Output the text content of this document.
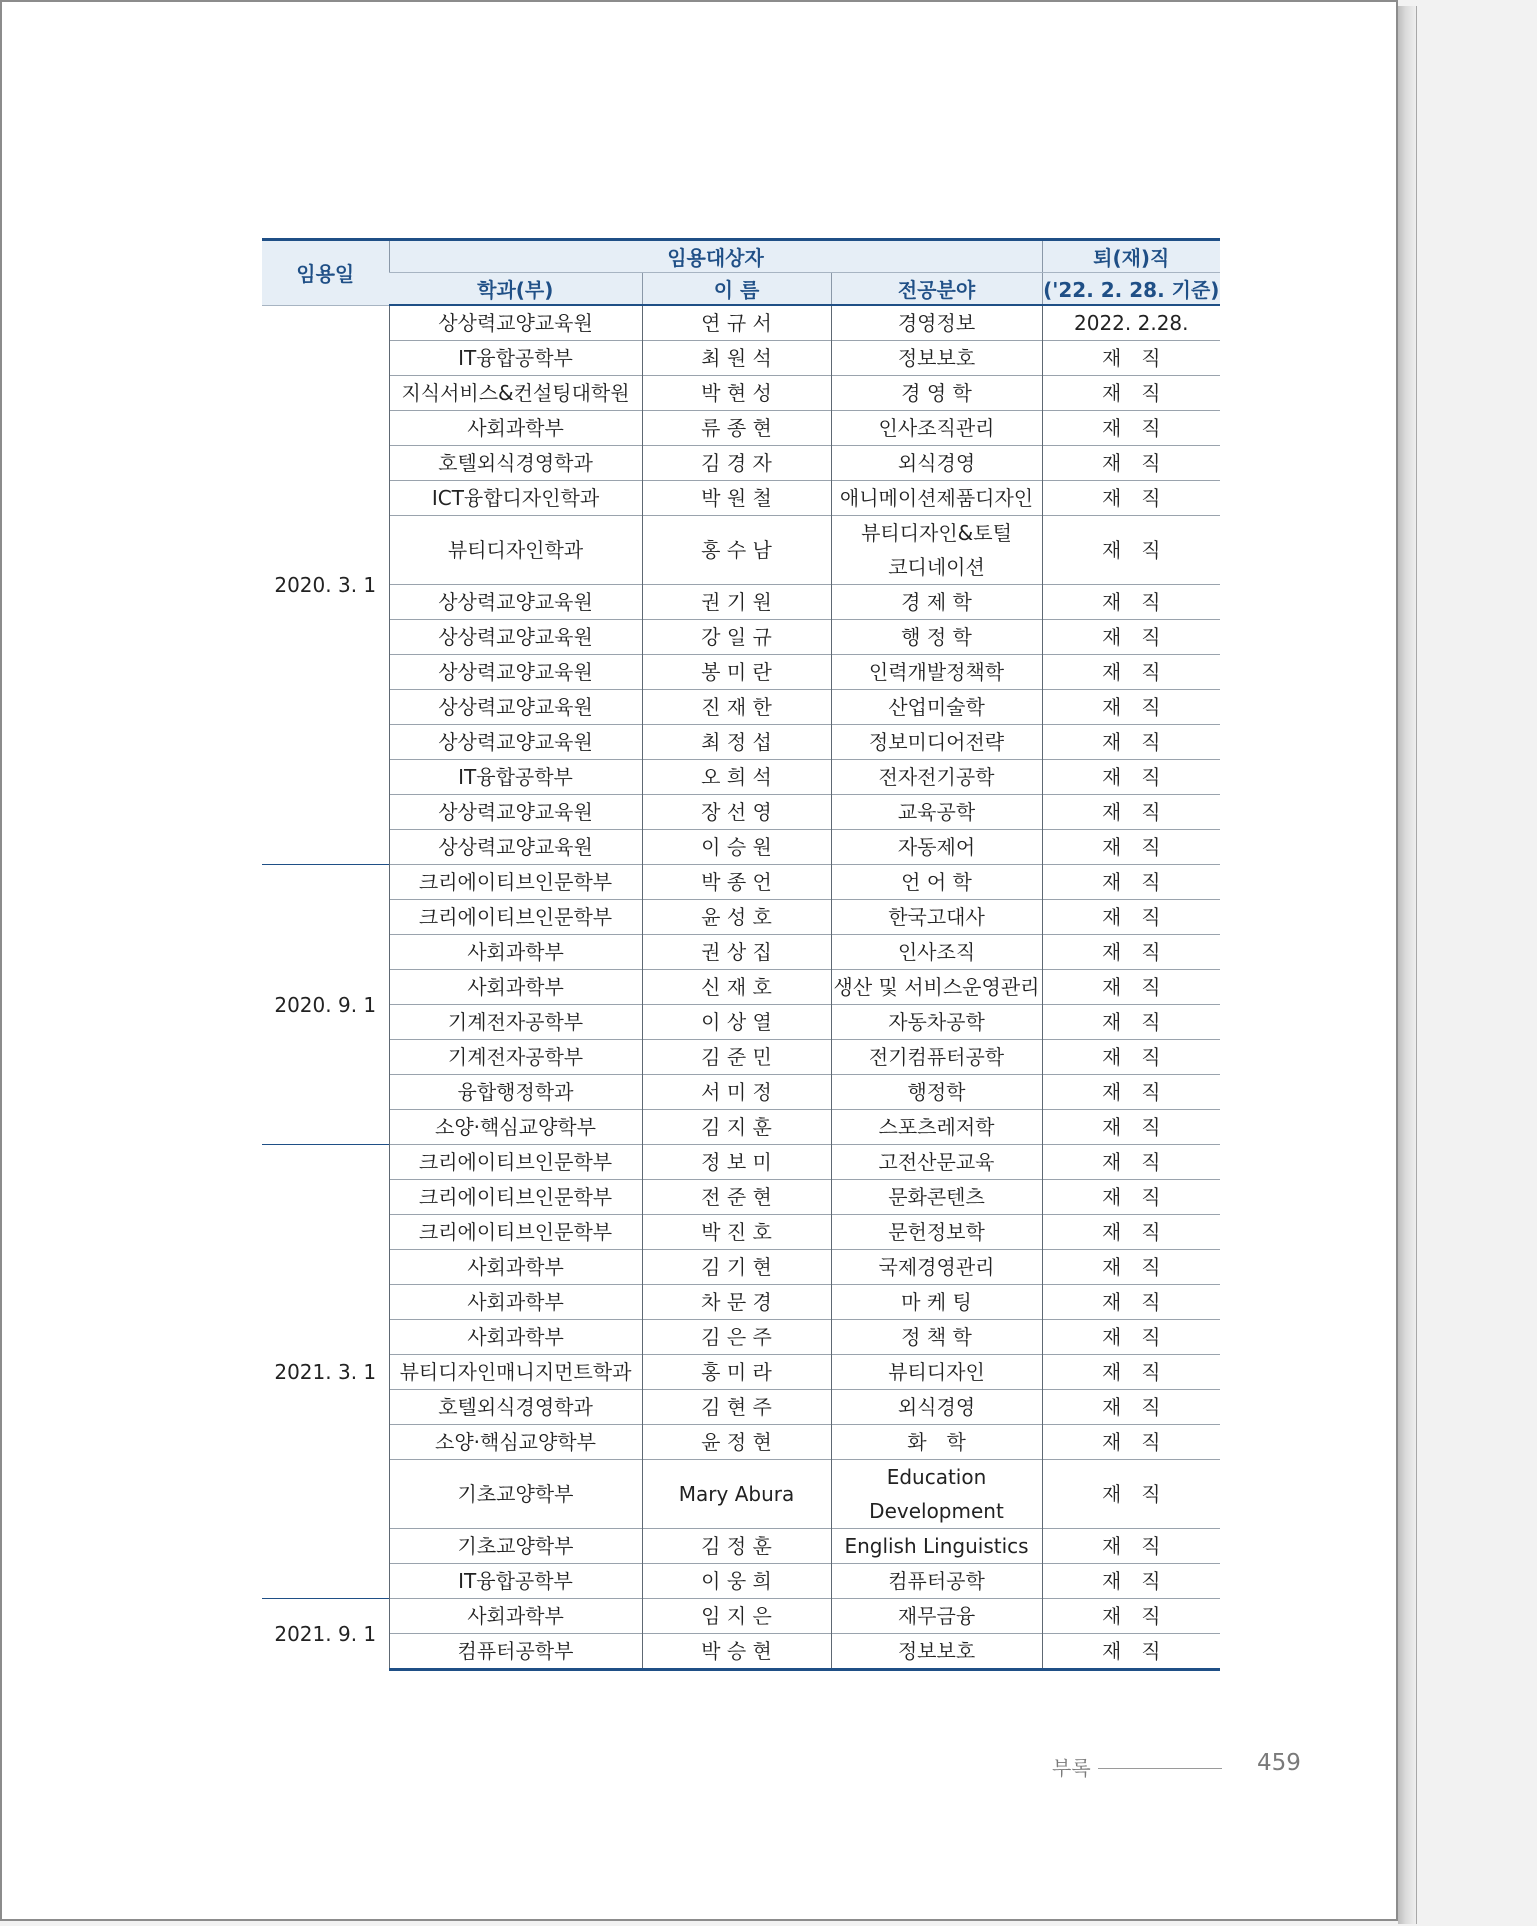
임용일	임용대상자			퇴(재)직
	학과(부)	이 름	전공분야	('22. 2. 28. 기준)
2020. 3. 1	상상력교양교육원	연 규 서	경영정보	2022. 2.28.
	IT융합공학부	최 원 석	정보보호	재　직
	지식서비스&컨설팅대학원	박 현 성	경 영 학	재　직
	사회과학부	류 종 현	인사조직관리	재　직
	호텔외식경영학과	김 경 자	외식경영	재　직
	ICT융합디자인학과	박 원 철	애니메이션제품디자인	재　직
	뷰티디자인학과	홍 수 남	뷰티디자인&토털 코디네이션	재　직
	상상력교양교육원	권 기 원	경 제 학	재　직
	상상력교양교육원	강 일 규	행 정 학	재　직
	상상력교양교육원	봉 미 란	인력개발정책학	재　직
	상상력교양교육원	진 재 한	산업미술학	재　직
	상상력교양교육원	최 정 섭	정보미디어전략	재　직
	IT융합공학부	오 희 석	전자전기공학	재　직
	상상력교양교육원	장 선 영	교육공학	재　직
	상상력교양교육원	이 승 원	자동제어	재　직
2020. 9. 1	크리에이티브인문학부	박 종 언	언 어 학	재　직
	크리에이티브인문학부	윤 성 호	한국고대사	재　직
	사회과학부	권 상 집	인사조직	재　직
	사회과학부	신 재 호	생산 및 서비스운영관리	재　직
	기계전자공학부	이 상 열	자동차공학	재　직
	기계전자공학부	김 준 민	전기컴퓨터공학	재　직
	융합행정학과	서 미 정	행정학	재　직
	소양·핵심교양학부	김 지 훈	스포츠레저학	재　직
2021. 3. 1	크리에이티브인문학부	정 보 미	고전산문교육	재　직
	크리에이티브인문학부	전 준 현	문화콘텐츠	재　직
	크리에이티브인문학부	박 진 호	문헌정보학	재　직
	사회과학부	김 기 현	국제경영관리	재　직
	사회과학부	차 문 경	마 케 팅	재　직
	사회과학부	김 은 주	정 책 학	재　직
	뷰티디자인매니지먼트학과	홍 미 라	뷰티디자인	재　직
	호텔외식경영학과	김 현 주	외식경영	재　직
	소양·핵심교양학부	윤 정 현	화　학	재　직
	기초교양학부	Mary Abura	Education Development	재　직
	기초교양학부	김 정 훈	English Linguistics	재　직
	IT융합공학부	이 웅 희	컴퓨터공학	재　직
2021. 9. 1	사회과학부	임 지 은	재무금융	재　직
	컴퓨터공학부	박 승 현	정보보호	재　직
부록	459
